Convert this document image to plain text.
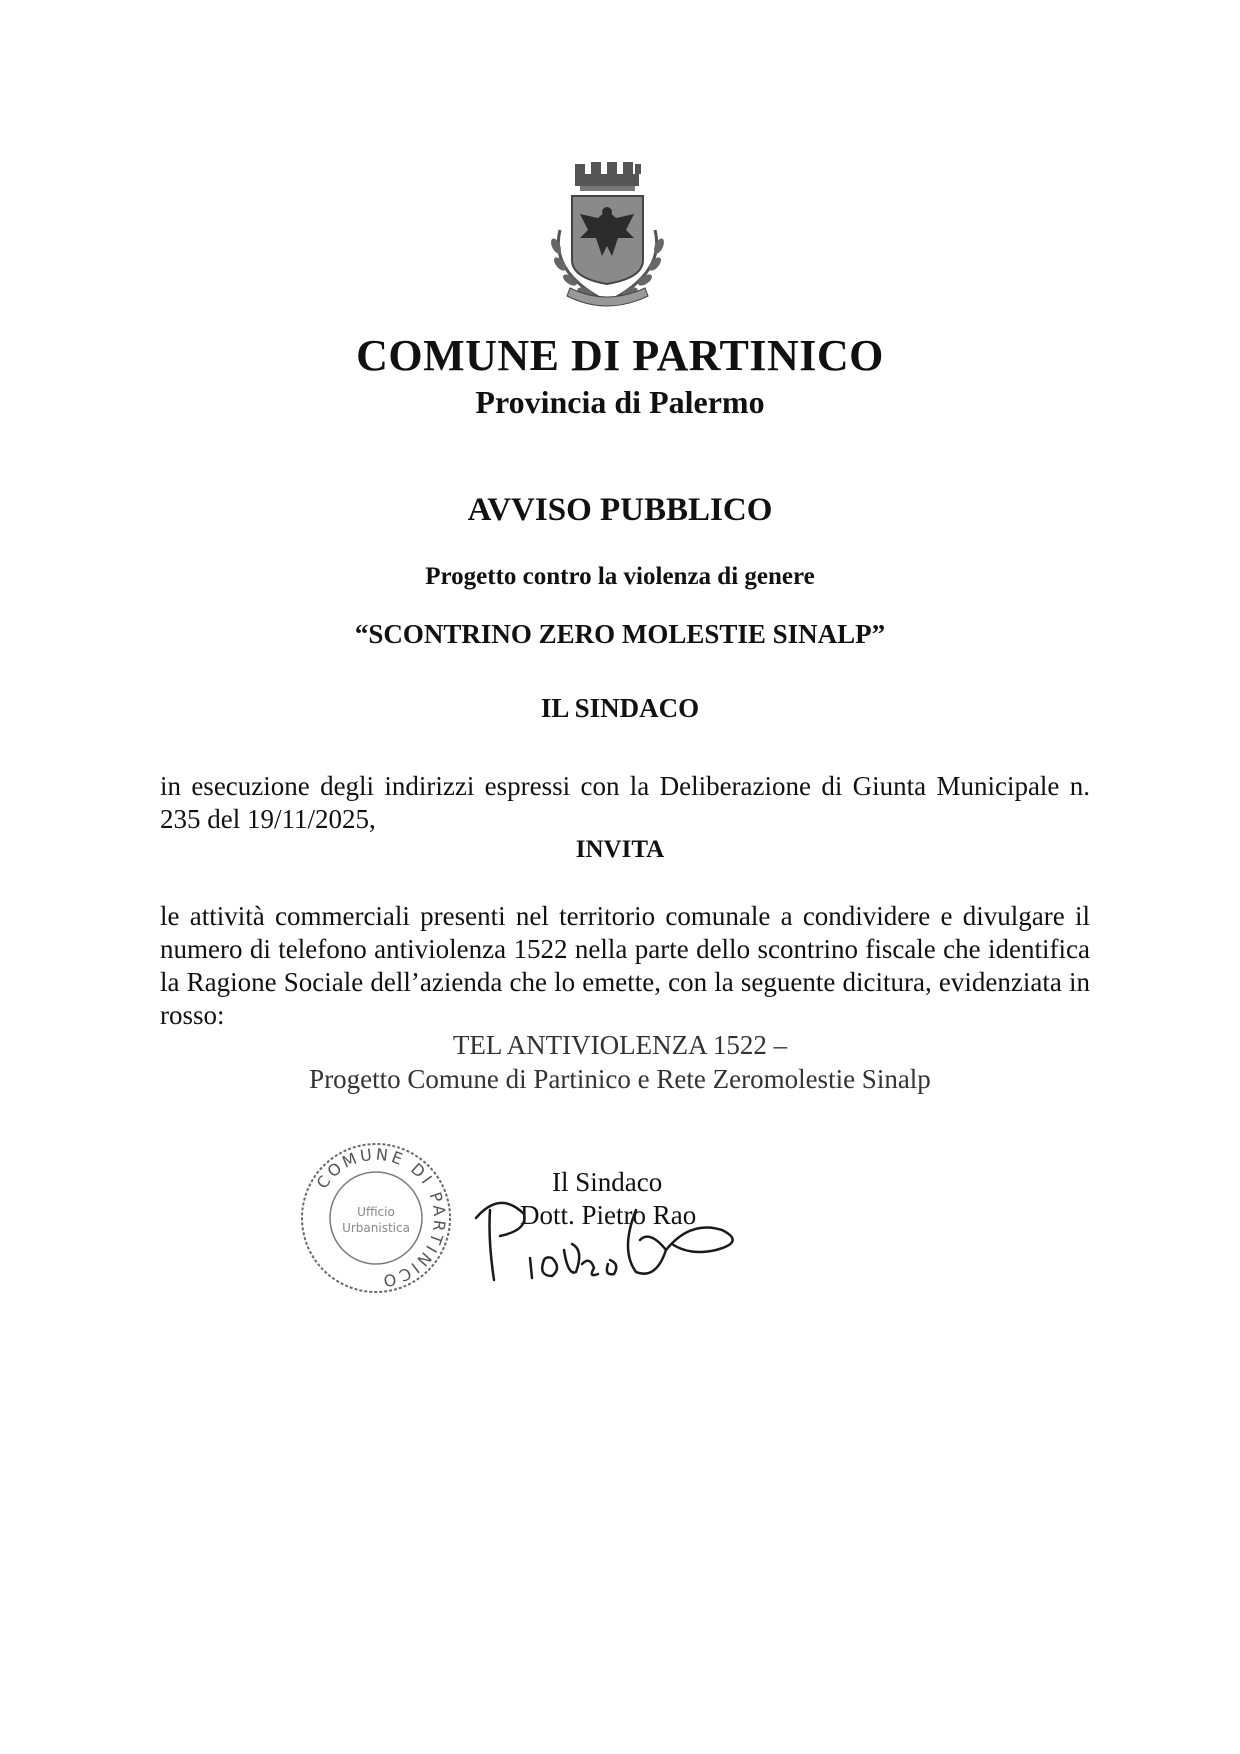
COMUNE DI PARTINICO
Provincia di Palermo
AVVISO PUBBLICO

Progetto contro la violenza di genere

“SCONTRINO ZERO MOLESTIE SINALP”

IL SINDACO

in esecuzione degli indirizzi espressi con la Deliberazione di Giunta Municipale n. 235 del 19/11/2025,

INVITA

le attività commerciali presenti nel territorio comunale a condividere e divulgare il numero di telefono antiviolenza 1522 nella parte dello scontrino fiscale che identifica la Ragione Sociale dell’azienda che lo emette, con la seguente dicitura, evidenziata in rosso:

TEL ANTIVIOLENZA 1522 –

Progetto Comune di Partinico e Rete Zeromolestie Sinalp

COMUNE DI PARTINICO
Ufficio
Urbanistica

Il Sindaco

Dott. Pietro Rao
